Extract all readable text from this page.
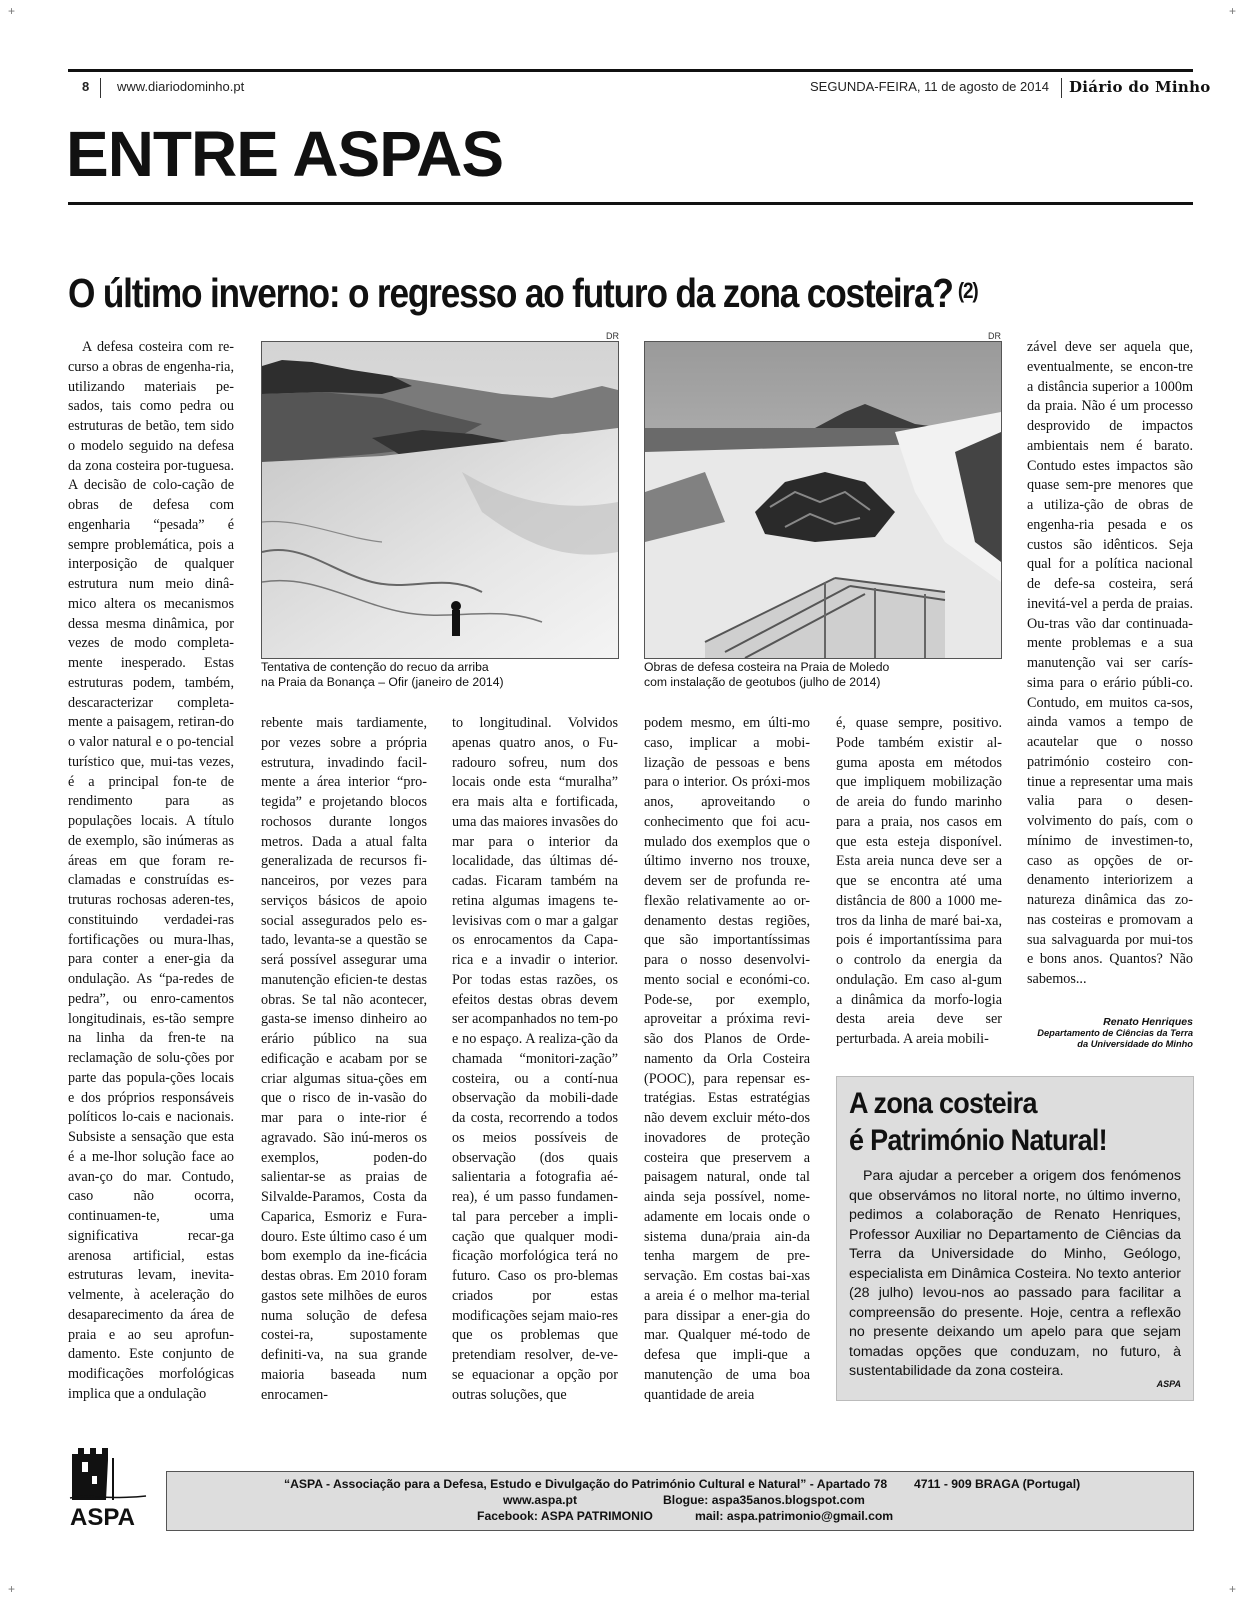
+	+
+	+
8 www.diariodominho.pt	SEGUNDA-FEIRA, 11 de agosto de 2014 Diário do Minho
ENTRE ASPAS
O último inverno: o regresso ao futuro da zona costeira? $^{(2)}$

A defesa costeira com re-curso a obras de engenha-ria, utilizando materiais pe-sados, tais como pedra ou estruturas de betão, tem sido o modelo seguido na defesa da zona costeira por-tuguesa. A decisão de colo-cação de obras de defesa com engenharia “pesada” é sempre problemática, pois a interposição de qualquer estrutura num meio dinâ-mico altera os mecanismos dessa mesma dinâmica, por vezes de modo completa-mente inesperado. Estas estruturas podem, também, descaracterizar completa-mente a paisagem, retiran-do o valor natural e o po-tencial turístico que, mui-tas vezes, é a principal fon-te de rendimento para as populações locais. A título de exemplo, são inúmeras as áreas em que foram re-clamadas e construídas es-truturas rochosas aderen-tes, constituindo verdadei-ras fortificações ou mura-lhas, para conter a ener-gia da ondulação. As “pa-redes de pedra”, ou enro-camentos longitudinais, es-tão sempre na linha da fren-te na reclamação de solu-ções por parte das popula-ções locais e dos próprios responsáveis políticos lo-cais e nacionais. Subsiste a sensação que esta é a me-lhor solução face ao avan-ço do mar. Contudo, caso não ocorra, continuamen-te, uma significativa recar-ga arenosa artificial, estas estruturas levam, inevita-velmente, à aceleração do desaparecimento da área de praia e ao seu aprofun-damento. Este conjunto de modificações morfológicas implica que a ondulação

DR
Tentativa de contenção do recuo da arriba
na Praia da Bonança – Ofir (janeiro de 2014)
DR
Obras de defesa costeira na Praia de Moledo
com instalação de geotubos (julho de 2014)

rebente mais tardiamente, por vezes sobre a própria estrutura, invadindo facil-mente a área interior “pro-tegida” e projetando blocos rochosos durante longos metros. Dada a atual falta generalizada de recursos fi-nanceiros, por vezes para serviços básicos de apoio social assegurados pelo es-tado, levanta-se a questão se será possível assegurar uma manutenção eficien-te destas obras. Se tal não acontecer, gasta-se imenso dinheiro ao erário público na sua edificação e acabam por se criar algumas situa-ções em que o risco de in-vasão do mar para o inte-rior é agravado. São inú-meros os exemplos, poden-do salientar-se as praias de Silvalde-Paramos, Costa da Caparica, Esmoriz e Fura-douro. Este último caso é um bom exemplo da ine-ficácia destas obras. Em 2010 foram gastos sete milhões de euros numa solução de defesa costei-ra, supostamente definiti-va, na sua grande maioria baseada num enrocamen-

to longitudinal. Volvidos apenas quatro anos, o Fu-radouro sofreu, num dos locais onde esta “muralha” era mais alta e fortificada, uma das maiores invasões do mar para o interior da localidade, das últimas dé-cadas. Ficaram também na retina algumas imagens te-levisivas com o mar a galgar os enrocamentos da Capa-rica e a invadir o interior. Por todas estas razões, os efeitos destas obras devem ser acompanhados no tem-po e no espaço. A realiza-ção da chamada “monitori-zação” costeira, ou a contí-nua observação da mobili-dade da costa, recorrendo a todos os meios possíveis de observação (dos quais salientaria a fotografia aé-rea), é um passo fundamen-tal para perceber a impli-cação que qualquer modi-ficação morfológica terá no futuro. Caso os pro-blemas criados por estas modificações sejam maio-res que os problemas que pretendiam resolver, de-ve-se equacionar a opção por outras soluções, que

podem mesmo, em últi-mo caso, implicar a mobi-lização de pessoas e bens para o interior. Os próxi-mos anos, aproveitando o conhecimento que foi acu-mulado dos exemplos que o último inverno nos trouxe, devem ser de profunda re-flexão relativamente ao or-denamento destas regiões, que são importantíssimas para o nosso desenvolvi-mento social e económi-co. Pode-se, por exemplo, aproveitar a próxima revi-são dos Planos de Orde-namento da Orla Costeira (POOC), para repensar es-tratégias. Estas estratégias não devem excluir méto-dos inovadores de proteção costeira que preservem a paisagem natural, onde tal ainda seja possível, nome-adamente em locais onde o sistema duna/praia ain-da tenha margem de pre-servação. Em costas bai-xas a areia é o melhor ma-terial para dissipar a ener-gia do mar. Qualquer mé-todo de defesa que impli-que a manutenção de uma boa quantidade de areia

é, quase sempre, positivo. Pode também existir al-guma aposta em métodos que impliquem mobilização de areia do fundo marinho para a praia, nos casos em que esta esteja disponível. Esta areia nunca deve ser a que se encontra até uma distância de 800 a 1000 me-tros da linha de maré bai-xa, pois é importantíssima para o controlo da energia da ondulação. Em caso al-gum a dinâmica da morfo-logia desta areia deve ser perturbada. A areia mobili-

zável deve ser aquela que, eventualmente, se encon-tre a distância superior a 1000m da praia. Não é um processo desprovido de impactos ambientais nem é barato. Contudo estes impactos são quase sem-pre menores que a utiliza-ção de obras de engenha-ria pesada e os custos são idênticos. Seja qual for a política nacional de defe-sa costeira, será inevitá-vel a perda de praias. Ou-tras vão dar continuada-mente problemas e a sua manutenção vai ser carís-sima para o erário públi-co. Contudo, em muitos ca-sos, ainda vamos a tempo de acautelar que o nosso património costeiro con-tinue a representar uma mais valia para o desen-volvimento do país, com o mínimo de investimen-to, caso as opções de or-denamento interiorizem a natureza dinâmica das zo-nas costeiras e promovam a sua salvaguarda por mui-tos e bons anos. Quantos? Não sabemos...

Renato Henriques
Departamento de Ciências da Terra
da Universidade do Minho
A zona costeira
é Património Natural!
Para ajudar a perceber a origem dos fenómenos que observámos no litoral norte, no último inverno, pedimos a colaboração de Renato Henriques, Professor Auxiliar no Departamento de Ciências da Terra da Universidade do Minho, Geólogo, especialista em Dinâmica Costeira. No texto anterior (28 julho) levou-nos ao passado para facilitar a compreensão do presente. Hoje, centra a reflexão no presente deixando um apelo para que sejam tomadas opções que conduzam, no futuro, à sustentabilidade da zona costeira.
ASPA
ASPA
“ASPA - Associação para a Defesa, Estudo e Divulgação do Património Cultural e Natural” - Apartado 78 4711 - 909 BRAGA (Portugal)
www.aspa.pt	Blogue: aspa35anos.blogspot.com
Facebook: ASPA PATRIMONIO	mail: aspa.patrimonio@gmail.com
